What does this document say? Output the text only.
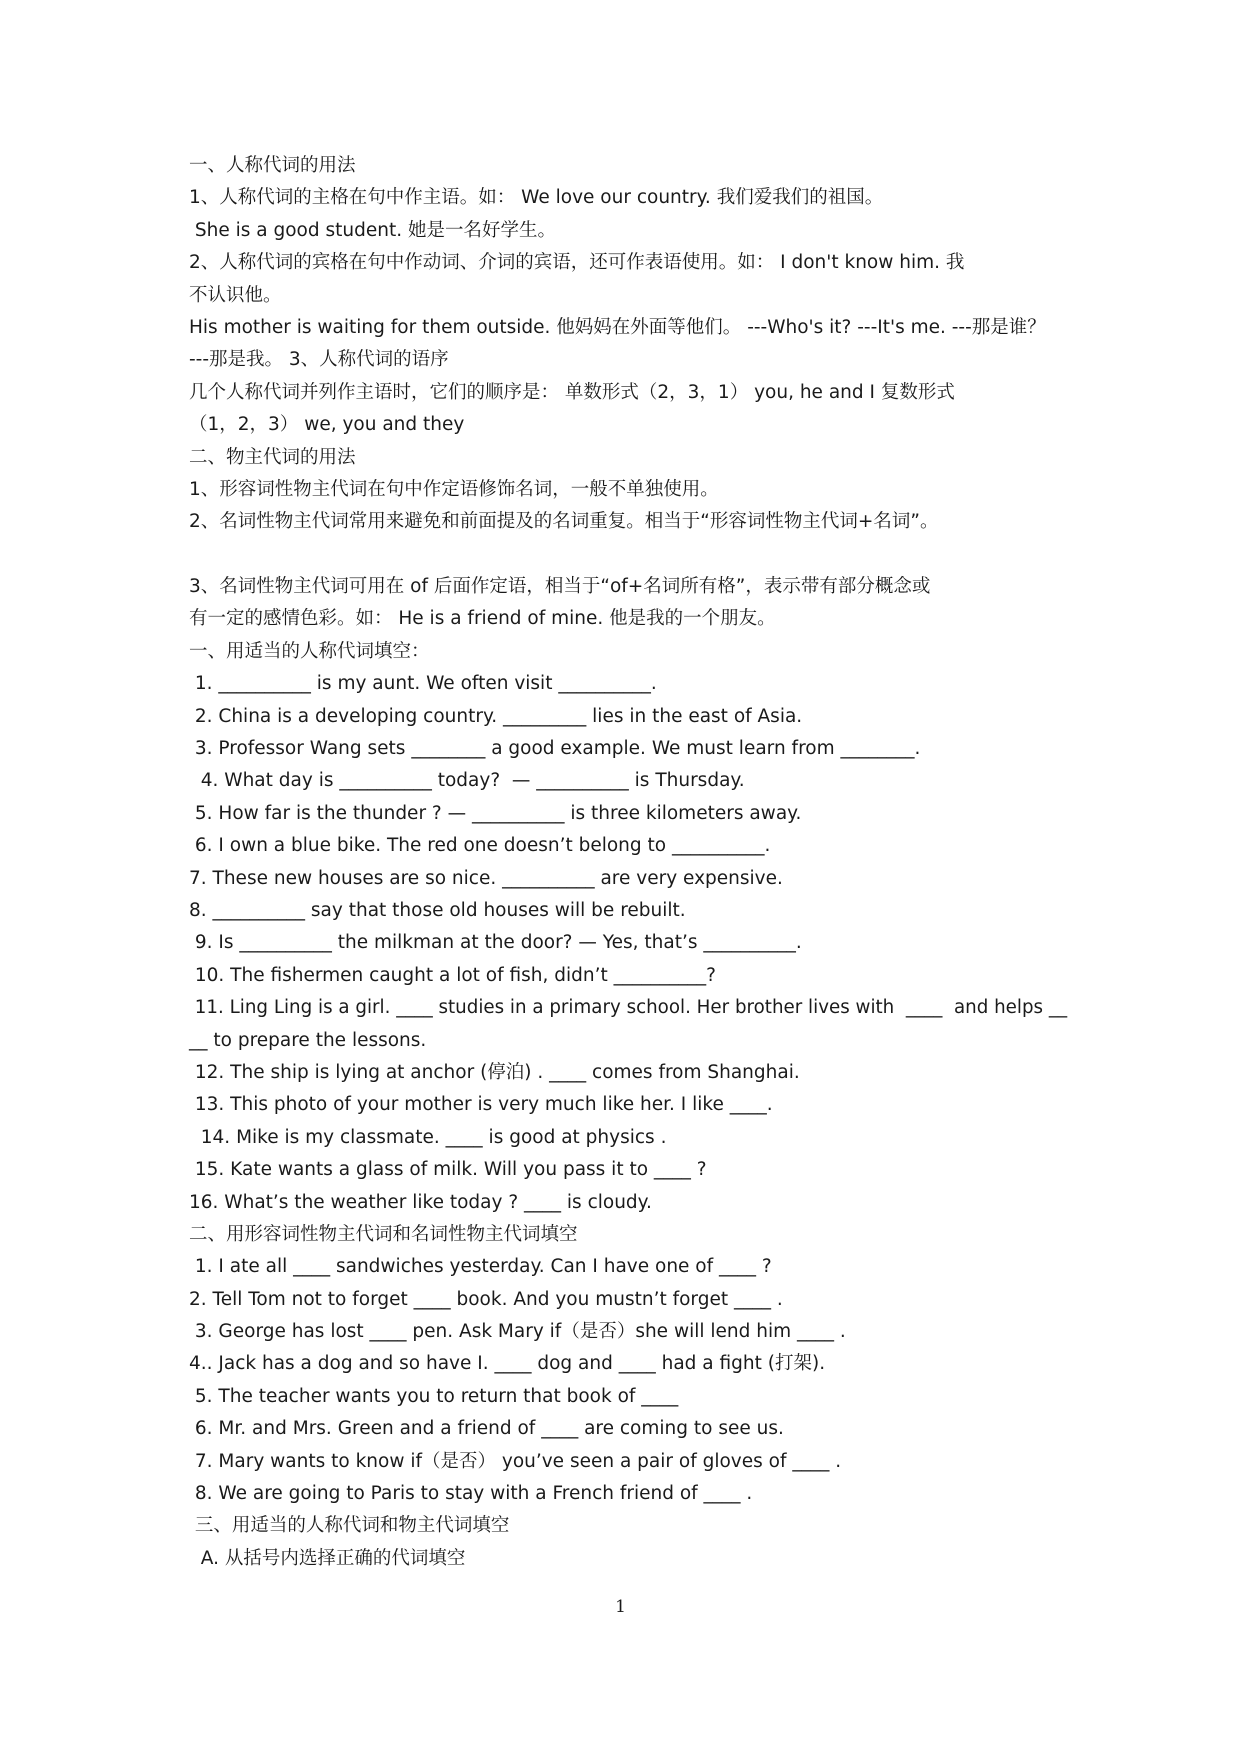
一、人称代词的用法
1、人称代词的主格在句中作主语。如： We love our country. 我们爱我们的祖国。
She is a good student. 她是一名好学生。
2、人称代词的宾格在句中作动词、介词的宾语，还可作表语使用。如： I don't know him. 我
不认识他。
His mother is waiting for them outside. 他妈妈在外面等他们。 ---Who's it? ---It's me. ---那是谁？
---那是我。 3、人称代词的语序
几个人称代词并列作主语时，它们的顺序是： 单数形式（2，3，1） you, he and I 复数形式
（1，2，3） we, you and they
二、物主代词的用法
1、形容词性物主代词在句中作定语修饰名词，一般不单独使用。
2、名词性物主代词常用来避免和前面提及的名词重复。相当于“形容词性物主代词+名词”。
3、名词性物主代词可用在 of 后面作定语，相当于“of+名词所有格”，表示带有部分概念或
有一定的感情色彩。如： He is a friend of mine. 他是我的一个朋友。
一、用适当的人称代词填空：
1. __________ is my aunt. We often visit __________.
2. China is a developing country. _________ lies in the east of Asia.
3. Professor Wang sets ________ a good example. We must learn from ________.
4. What day is __________ today?  — __________ is Thursday.
5. How far is the thunder ? — __________ is three kilometers away.
6. I own a blue bike. The red one doesn’t belong to __________.
7. These new houses are so nice. __________ are very expensive.
8. __________ say that those old houses will be rebuilt.
9. Is __________ the milkman at the door? — Yes, that’s __________.
10. The fishermen caught a lot of fish, didn’t __________?
11. Ling Ling is a girl. ____ studies in a primary school. Her brother lives with  ____  and helps __
__ to prepare the lessons.
12. The ship is lying at anchor (停泊) . ____ comes from Shanghai.
13. This photo of your mother is very much like her. I like ____.
14. Mike is my classmate. ____ is good at physics .
15. Kate wants a glass of milk. Will you pass it to ____ ?
16. What’s the weather like today ? ____ is cloudy.
二、用形容词性物主代词和名词性物主代词填空
1. I ate all ____ sandwiches yesterday. Can I have one of ____ ?
2. Tell Tom not to forget ____ book. And you mustn’t forget ____ .
3. George has lost ____ pen. Ask Mary if（是否）she will lend him ____ .
4.. Jack has a dog and so have I. ____ dog and ____ had a fight (打架).
5. The teacher wants you to return that book of ____
6. Mr. and Mrs. Green and a friend of ____ are coming to see us.
7. Mary wants to know if（是否） you’ve seen a pair of gloves of ____ .
8. We are going to Paris to stay with a French friend of ____ .
三、用适当的人称代词和物主代词填空
A. 从括号内选择正确的代词填空
1
